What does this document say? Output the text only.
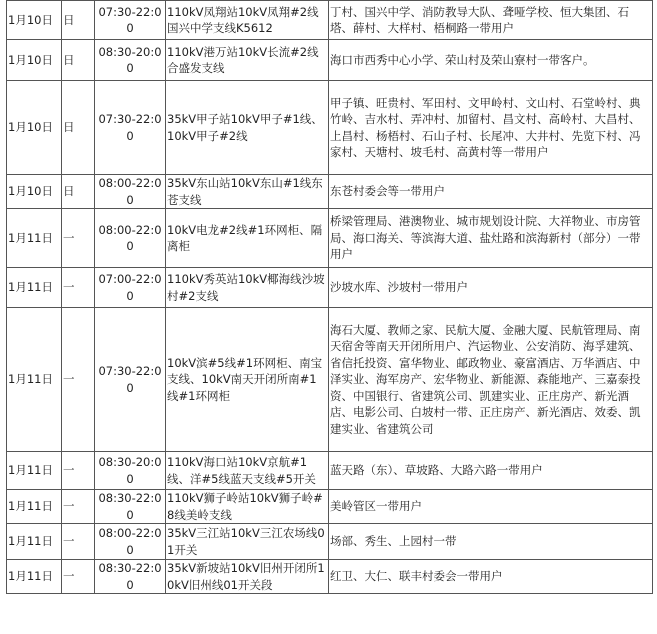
1月10日	日	07:30-22:00	110kV凤翔站10kV凤翔#2线国兴中学支线K5612	丁村、国兴中学、消防教导大队、聋哑学校、恒大集团、石塔、薛村、大样村、梧桐路一带用户
1月10日	日	08:30-20:00	110kV港万站10kV长流#2线合盛发支线	海口市西秀中心小学、荣山村及荣山寮村一带客户。
1月10日	日	07:30-22:00	35kV甲子站10kV甲子#1线、10kV甲子#2线	甲子镇、旺贵村、军田村、文甲岭村、文山村、石堂岭村、典竹岭、吉水村、弄冲村、加留村、昌文村、高岭村、大昌村、上昌村、杨梧村、石山子村、长尾冲、大井村、先览下村、冯家村、天塘村、坡毛村、高黄村等一带用户
1月10日	日	08:00-22:00	35kV东山站10kV东山#1线东苍支线	东苍村委会等一带用户
1月11日	一	08:00-22:00	10kV电龙#2线#1环网柜、隔离柜	桥梁管理局、港澳物业、城市规划设计院、大祥物业、市房管局、海口海关、等滨海大道、盐灶路和滨海新村（部分）一带用户
1月11日	一	07:00-22:00	110kV秀英站10kV椰海线沙坡村#2支线	沙坡水库、沙坡村一带用户
1月11日	一	07:30-22:00	10kV滨#5线#1环网柜、南宝支线、10kV南天开闭所南#1线#1环网柜	海石大厦、教师之家、民航大厦、金融大厦、民航管理局、南天宿舍等南天开闭所用户、汽运物业、公安消防、海孚建筑、省信托投资、富华物业、邮政物业、豪富酒店、万华酒店、中泽实业、海军房产、宏华物业、新能源、森能地产、三嘉泰投资、中国银行、省建筑公司、凯建实业、正庄房产、新光酒店、电影公司、白坡村一带、正庄房产、新光酒店、效委、凯建实业、省建筑公司
1月11日	一	08:30-20:00	110kV海口站10kV京航#1线、洋#5线蓝天支线#5开关	蓝天路（东）、草坡路、大路六路一带用户
1月11日	一	08:30-22:00	110kV狮子岭站10kV狮子岭#8线美岭支线	美岭管区一带用户
1月11日	一	08:00-22:00	35kV三江站10kV三江农场线01开关	场部、秀生、上园村一带
1月11日	一	08:30-22:00	35kV新坡站10kV旧州开闭所10kV旧州线01开关段	红卫、大仁、联丰村委会一带用户
